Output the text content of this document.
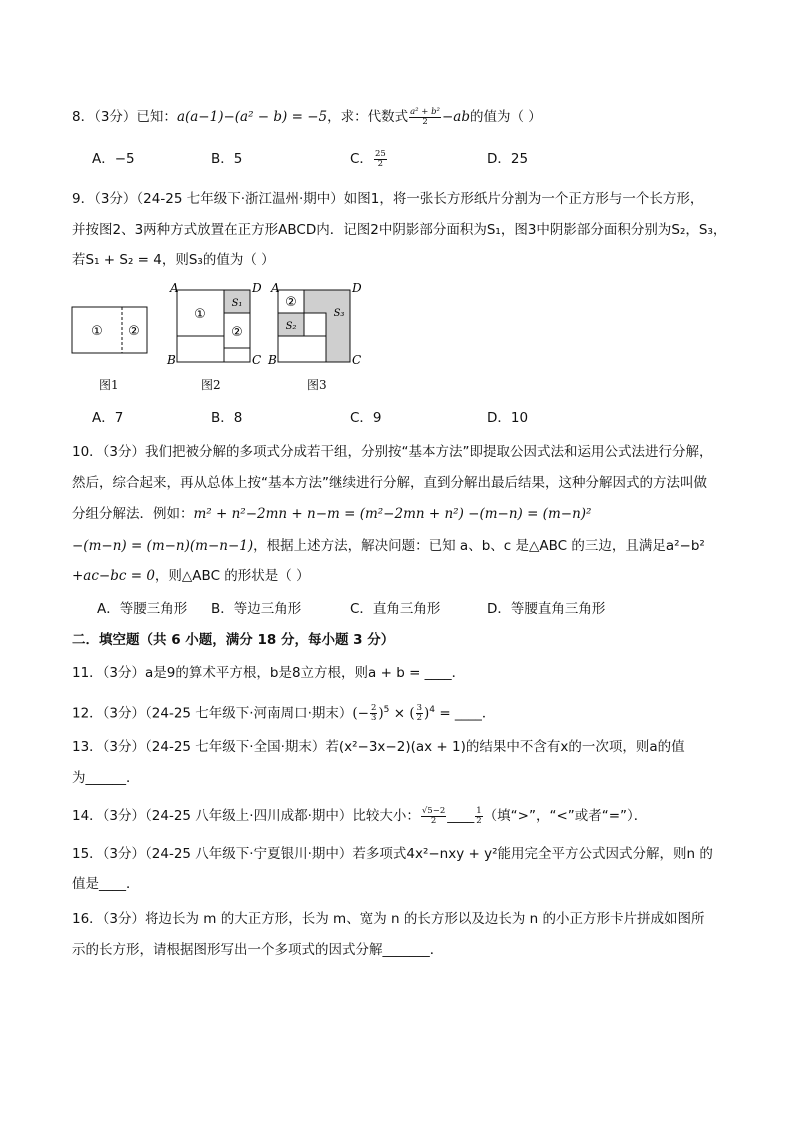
8．（3分）已知：a(a−1)−(a² − b) = −5，求：代数式 $\frac{\text{a² + b²}}{2} -ab$的值为（ ）
A．−5	B．5	C． $\frac{25}{2}$	D．25
9．（3分）（24-25 七年级下·浙江温州·期中）如图1，将一张长方形纸片分割为一个正方形与一个长方形，
并按图2、3两种方式放置在正方形ABCD内．记图2中阴影部分面积为S₁，图3中阴影部分面积分别为S₂，S₃，
若S₁ + S₂ = 4，则S₃的值为（ ）
① ②
A	D
B	C
①
S₁
②
A	D
B	C
②
S₂
S₃
图1	图2	图3
A．7	B．8	C．9	D．10
10．（3分）我们把被分解的多项式分成若干组，分别按“基本方法”即提取公因式法和运用公式法进行分解，
然后，综合起来，再从总体上按“基本方法”继续进行分解，直到分解出最后结果，这种分解因式的方法叫做
分组分解法．例如：m² + n²−2mn + n−m = (m²−2mn + n²) −(m−n) = (m−n)²
−(m−n) = (m−n)(m−n−1)，根据上述方法，解决问题：已知 a、b、c 是△ABC 的三边，且满足a²−b²
+ac−bc = 0，则△ABC 的形状是（ ）
A．等腰三角形 B．等边三角形	C．直角三角形	D．等腰直角三角形
二．填空题（共 6 小题，满分 18 分，每小题 3 分）
11．（3分）a是9的算术平方根，b是8立方根，则a + b = ____．
12．（3分）（24-25 七年级下·河南周口·期末）(− $\frac{2}{3} )^5$ × ( $\frac{3}{2} )^4$ = ____．
13．（3分）（24-25 七年级下·全国·期末）若(x²−3x−2)(ax + 1)的结果中不含有x的一次项，则a的值
为______．
14．（3分）（24-25 八年级上·四川成都·期中）比较大小： $\frac{√5-2}{2}$ ____ $\frac{1}{2}$ （填“>”，“<”或者“=”）．
15．（3分）（24-25 八年级下·宁夏银川·期中）若多项式4x²−nxy + y²能用完全平方公式因式分解，则n 的
值是____．
16．（3分）将边长为 m 的大正方形，长为 m、宽为 n 的长方形以及边长为 n 的小正方形卡片拼成如图所
示的长方形，请根据图形写出一个多项式的因式分解_______．
